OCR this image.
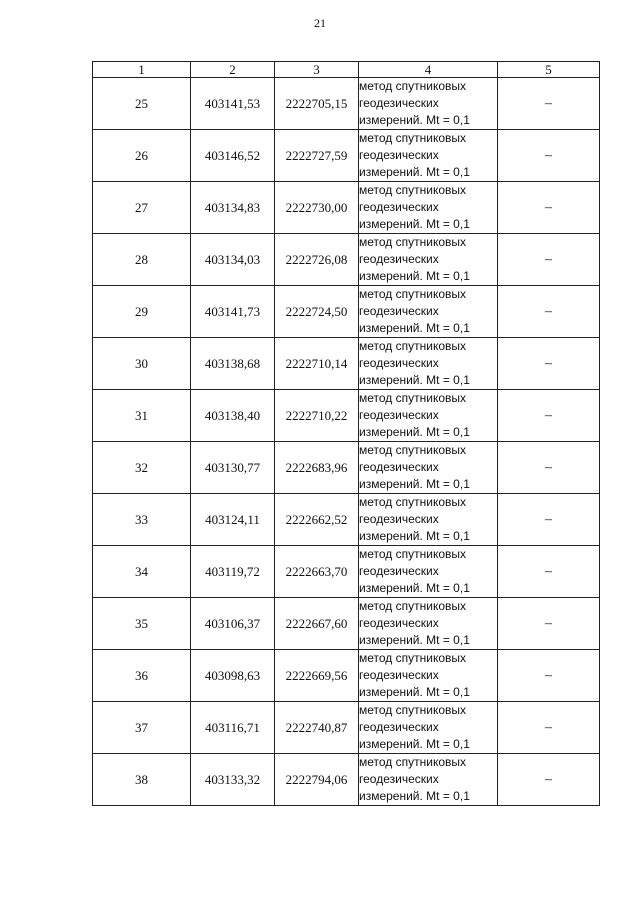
21
1	2	3	4	5
25	403141,53	2222705,15	метод спутниковых геодезических измерений. Mt = 0,1	–
26	403146,52	2222727,59	метод спутниковых геодезических измерений. Mt = 0,1	–
27	403134,83	2222730,00	метод спутниковых геодезических измерений. Mt = 0,1	–
28	403134,03	2222726,08	метод спутниковых геодезических измерений. Mt = 0,1	–
29	403141,73	2222724,50	метод спутниковых геодезических измерений. Mt = 0,1	–
30	403138,68	2222710,14	метод спутниковых геодезических измерений. Mt = 0,1	–
31	403138,40	2222710,22	метод спутниковых геодезических измерений. Mt = 0,1	–
32	403130,77	2222683,96	метод спутниковых геодезических измерений. Mt = 0,1	–
33	403124,11	2222662,52	метод спутниковых геодезических измерений. Mt = 0,1	–
34	403119,72	2222663,70	метод спутниковых геодезических измерений. Mt = 0,1	–
35	403106,37	2222667,60	метод спутниковых геодезических измерений. Mt = 0,1	–
36	403098,63	2222669,56	метод спутниковых геодезических измерений. Mt = 0,1	–
37	403116,71	2222740,87	метод спутниковых геодезических измерений. Mt = 0,1	–
38	403133,32	2222794,06	метод спутниковых геодезических измерений. Mt = 0,1	–
